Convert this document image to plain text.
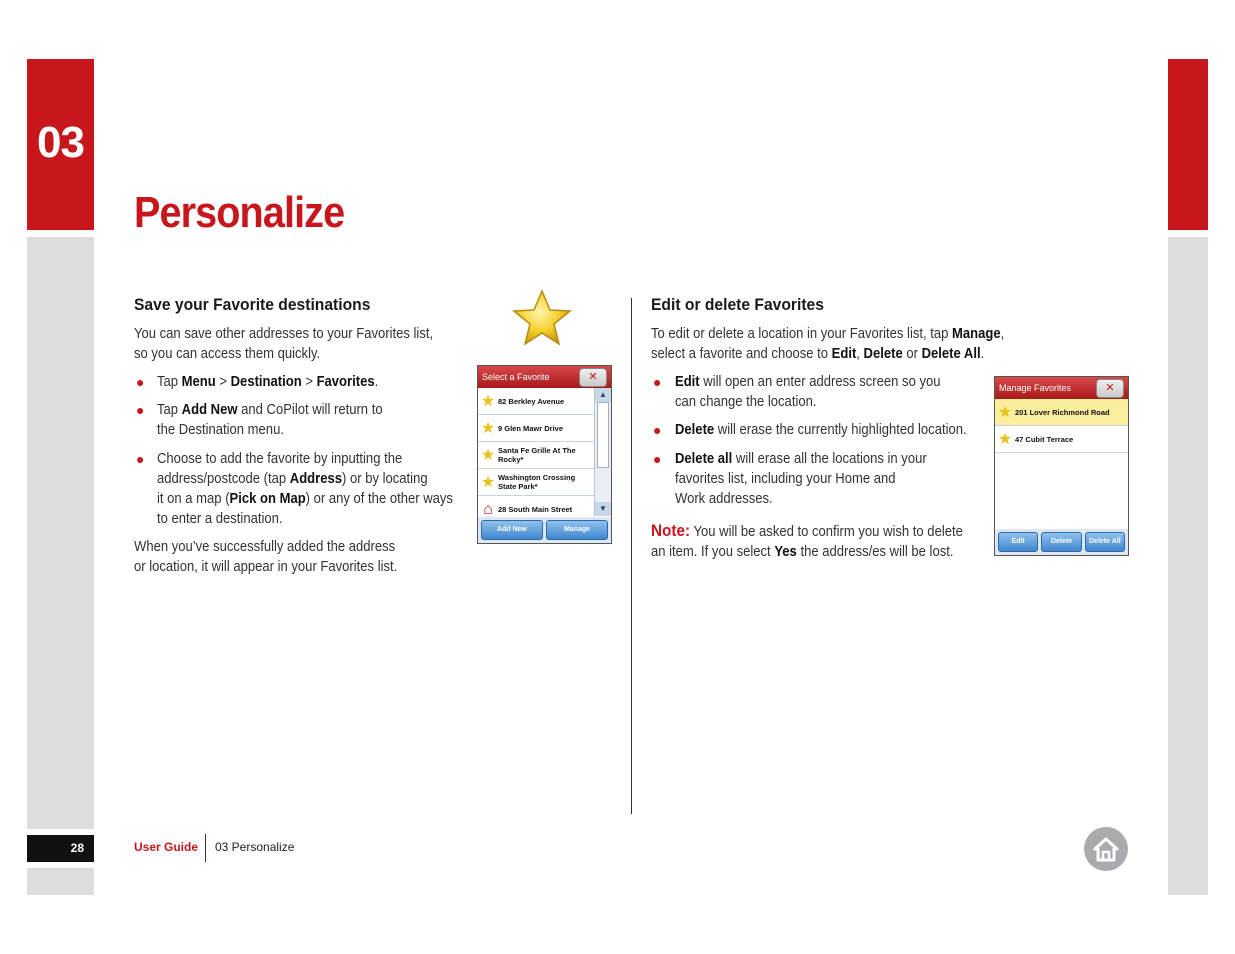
03
Personalize
Save your Favorite destinations
You can save other addresses to your Favorites list,
so you can access them quickly.
● Tap Menu > Destination > Favorites.
● Tap Add New and CoPilot will return to
the Destination menu.
● Choose to add the favorite by inputting the
address/postcode (tap Address) or by locating
it on a map (Pick on Map) or any of the other ways
to enter a destination.
When you’ve successfully added the address
or location, it will appear in your Favorites list.
Select a Favorite	✕
★ 82 Berkley Avenue
★ 9 Glen Mawr Drive
★ Santa Fe Grille At The Rocky*
★ Washington Crossing State Park*
⌂ 28 South Main Street
▲
▼
Add New	Manage
Edit or delete Favorites
To edit or delete a location in your Favorites list, tap Manage,
select a favorite and choose to Edit, Delete or Delete All.
● Edit will open an enter address screen so you
can change the location.
● Delete will erase the currently highlighted location.
● Delete all will erase all the locations in your
favorites list, including your Home and
Work addresses.
Note: You will be asked to confirm you wish to delete
an item. If you select Yes the address/es will be lost.
Manage Favorites	✕
★ 201 Lover Richmond Road
★ 47 Cubit Terrace
Edit	Delete	Delete All
28	User Guide 03 Personalize
